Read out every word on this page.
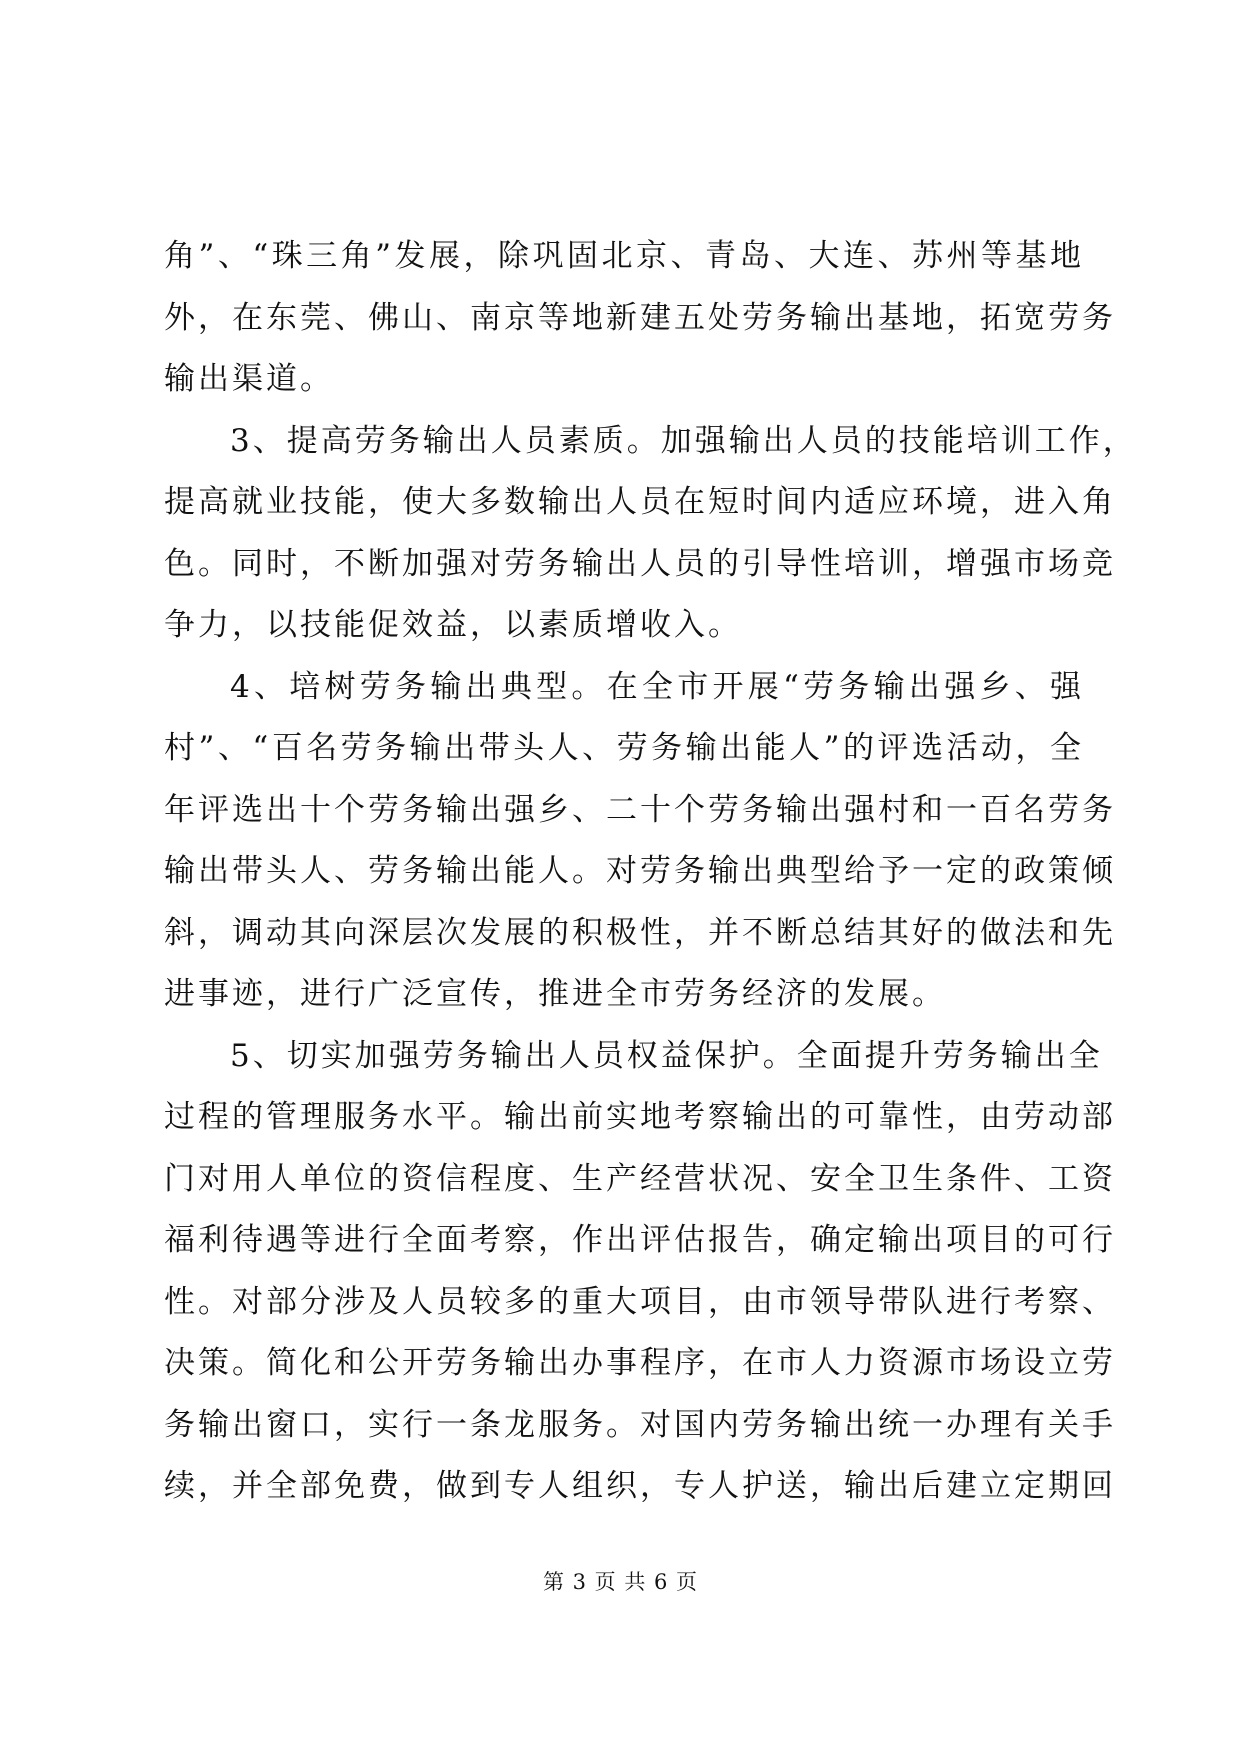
角”、“珠三角”发展，除巩固北京、青岛、大连、苏州等基地
外，在东莞、佛山、南京等地新建五处劳务输出基地，拓宽劳务
输出渠道。
3、提高劳务输出人员素质。加强输出人员的技能培训工作，
提高就业技能，使大多数输出人员在短时间内适应环境，进入角
色。同时，不断加强对劳务输出人员的引导性培训，增强市场竞
争力，以技能促效益，以素质增收入。
4、培树劳务输出典型。在全市开展“劳务输出强乡、强
村”、“百名劳务输出带头人、劳务输出能人”的评选活动，全
年评选出十个劳务输出强乡、二十个劳务输出强村和一百名劳务
输出带头人、劳务输出能人。对劳务输出典型给予一定的政策倾
斜，调动其向深层次发展的积极性，并不断总结其好的做法和先
进事迹，进行广泛宣传，推进全市劳务经济的发展。
5、切实加强劳务输出人员权益保护。全面提升劳务输出全
过程的管理服务水平。输出前实地考察输出的可靠性，由劳动部
门对用人单位的资信程度、生产经营状况、安全卫生条件、工资
福利待遇等进行全面考察，作出评估报告，确定输出项目的可行
性。对部分涉及人员较多的重大项目，由市领导带队进行考察、
决策。简化和公开劳务输出办事程序，在市人力资源市场设立劳
务输出窗口，实行一条龙服务。对国内劳务输出统一办理有关手
续，并全部免费，做到专人组织，专人护送，输出后建立定期回
第 3 页 共 6 页
